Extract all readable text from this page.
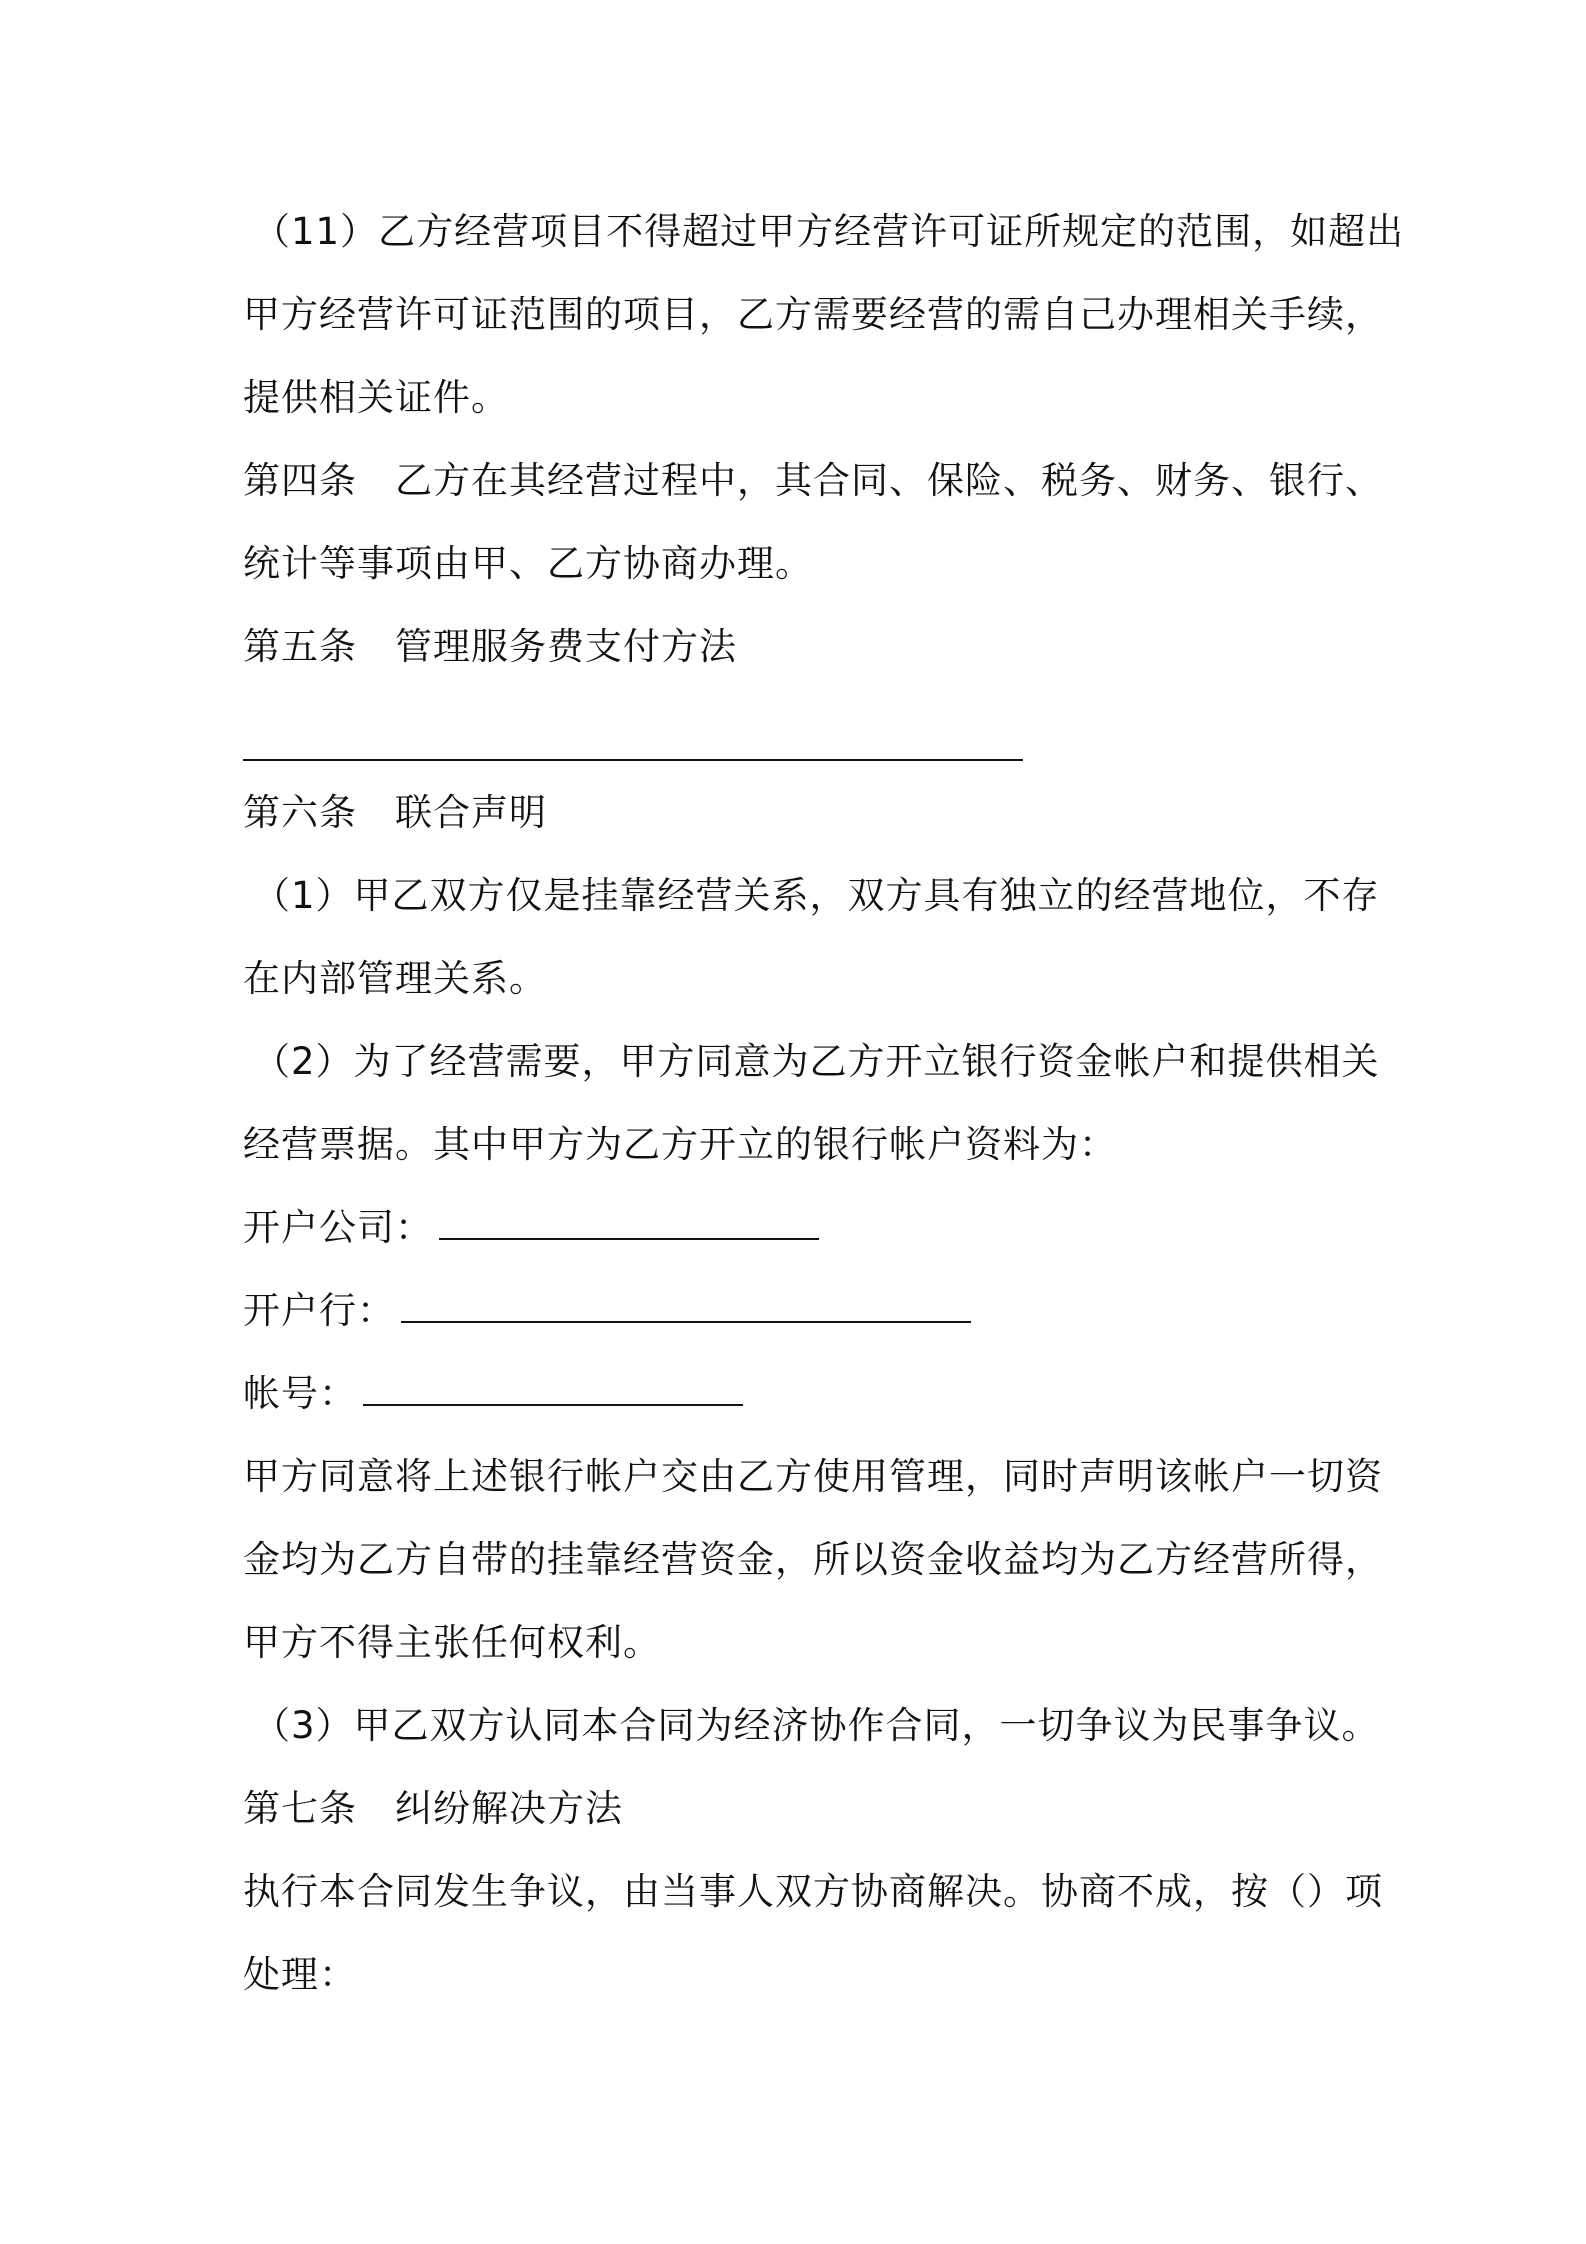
（11）乙方经营项目不得超过甲方经营许可证所规定的范围，如超出
甲方经营许可证范围的项目，乙方需要经营的需自己办理相关手续，
提供相关证件。
第四条　乙方在其经营过程中，其合同、保险、税务、财务、银行、
统计等事项由甲、乙方协商办理。
第五条　管理服务费支付方法
第六条　联合声明
（1）甲乙双方仅是挂靠经营关系，双方具有独立的经营地位，不存
在内部管理关系。
（2）为了经营需要，甲方同意为乙方开立银行资金帐户和提供相关
经营票据。其中甲方为乙方开立的银行帐户资料为：
开户公司：
开户行：
帐号：
甲方同意将上述银行帐户交由乙方使用管理，同时声明该帐户一切资
金均为乙方自带的挂靠经营资金，所以资金收益均为乙方经营所得，
甲方不得主张任何权利。
（3）甲乙双方认同本合同为经济协作合同，一切争议为民事争议。
第七条　纠纷解决方法
执行本合同发生争议，由当事人双方协商解决。协商不成，按（）项
处理：
